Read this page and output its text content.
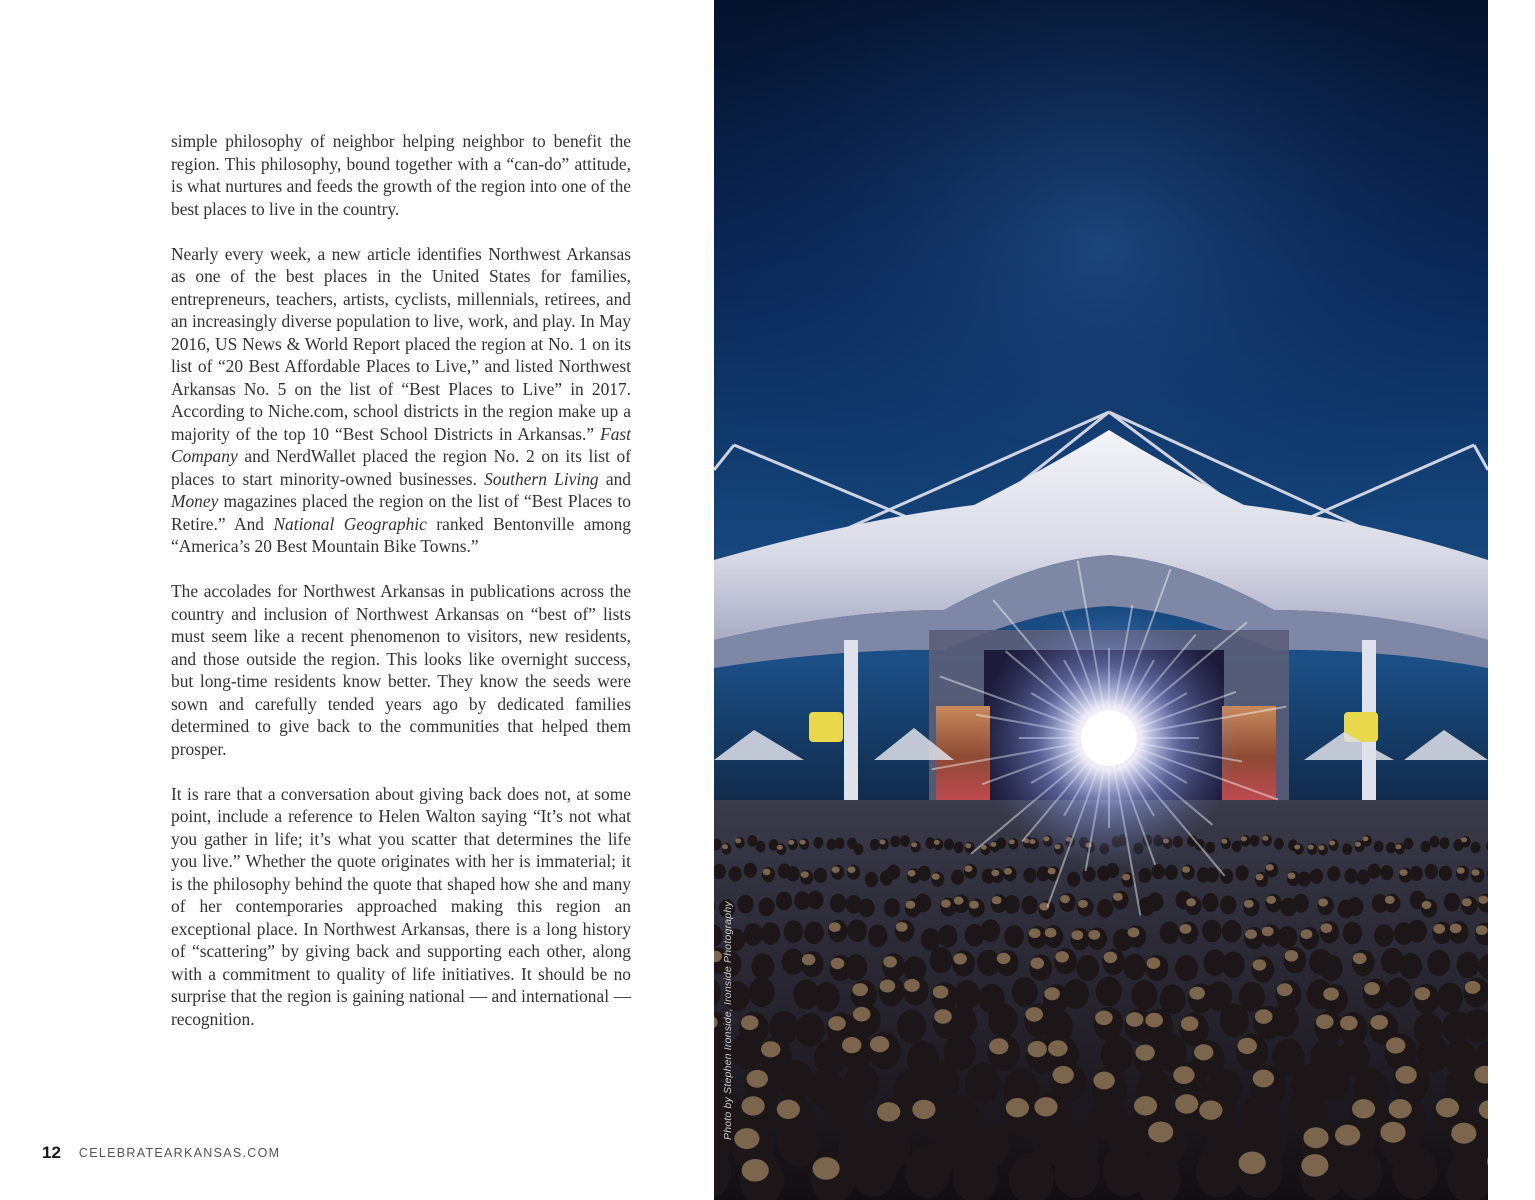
simple philosophy of neighbor helping neighbor to benefit the region. This philosophy, bound together with a “can-do” attitude, is what nurtures and feeds the growth of the region into one of the best places to live in the country.

Nearly every week, a new article identifies Northwest Arkansas as one of the best places in the United States for families, entrepreneurs, teachers, artists, cyclists, millennials, retirees, and an increasingly diverse population to live, work, and play. In May 2016, US News & World Report placed the region at No. 1 on its list of “20 Best Affordable Places to Live,” and listed Northwest Arkansas No. 5 on the list of “Best Places to Live” in 2017. According to Niche.com, school districts in the region make up a majority of the top 10 “Best School Districts in Arkansas.” Fast Company and NerdWallet placed the region No. 2 on its list of places to start minority-owned businesses. Southern Living and Money magazines placed the region on the list of “Best Places to Retire.” And National Geographic ranked Bentonville among “America’s 20 Best Mountain Bike Towns.”

The accolades for Northwest Arkansas in publications across the country and inclusion of Northwest Arkansas on “best of” lists must seem like a recent phenomenon to visitors, new residents, and those outside the region. This looks like overnight success, but long-time residents know better. They know the seeds were sown and carefully tended years ago by dedicated families determined to give back to the communities that helped them prosper.

It is rare that a conversation about giving back does not, at some point, include a reference to Helen Walton saying “It’s not what you gather in life; it’s what you scatter that determines the life you live.” Whether the quote originates with her is immaterial; it is the philosophy behind the quote that shaped how she and many of her contemporaries approached making this region an exceptional place. In Northwest Arkansas, there is a long history of “scattering” by giving back and supporting each other, along with a commitment to quality of life initiatives. It should be no surprise that the region is gaining national — and international — recognition.

12 CELEBRATEARKANSAS.COM
Photo by Stephen Ironside, Ironside Photography
